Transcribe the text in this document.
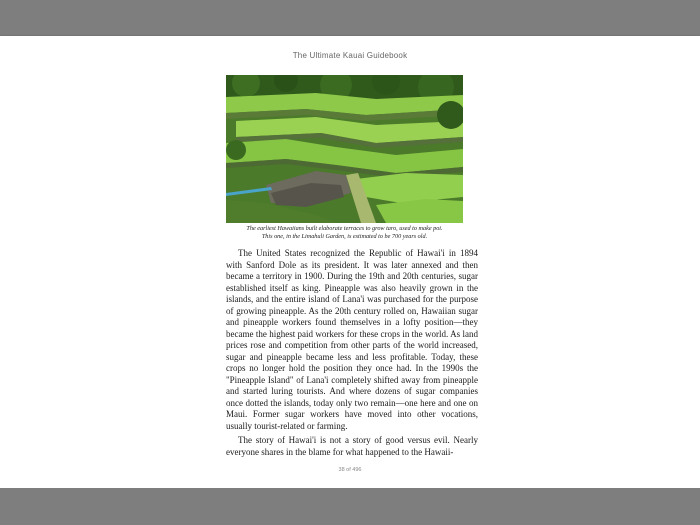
The Ultimate Kauai Guidebook
The earliest Hawaiians built elaborate terraces to grow taro, used to make poi.
This one, in the Limahuli Garden, is estimated to be 700 years old.

The United States recognized the Republic of Hawai'i in 1894 with Sanford Dole as its president. It was later annexed and then became a territory in 1900. During the 19th and 20th centuries, sugar established itself as king. Pineapple was also heavily grown in the islands, and the entire island of Lana'i was purchased for the purpose of growing pineapple. As the 20th century rolled on, Hawaiian sugar and pineapple workers found themselves in a lofty position—they became the highest paid workers for these crops in the world. As land prices rose and competition from other parts of the world increased, sugar and pineapple became less and less profitable. Today, these crops no longer hold the position they once had. In the 1990s the "Pineapple Island" of Lana'i completely shifted away from pineapple and started luring tourists. And where dozens of sugar companies once dotted the islands, today only two remain—one here and one on Maui. Former sugar workers have moved into other vocations, usually tourist-related or farming.

The story of Hawai'i is not a story of good versus evil. Nearly everyone shares in the blame for what happened to the Hawaii-

38 of 496
